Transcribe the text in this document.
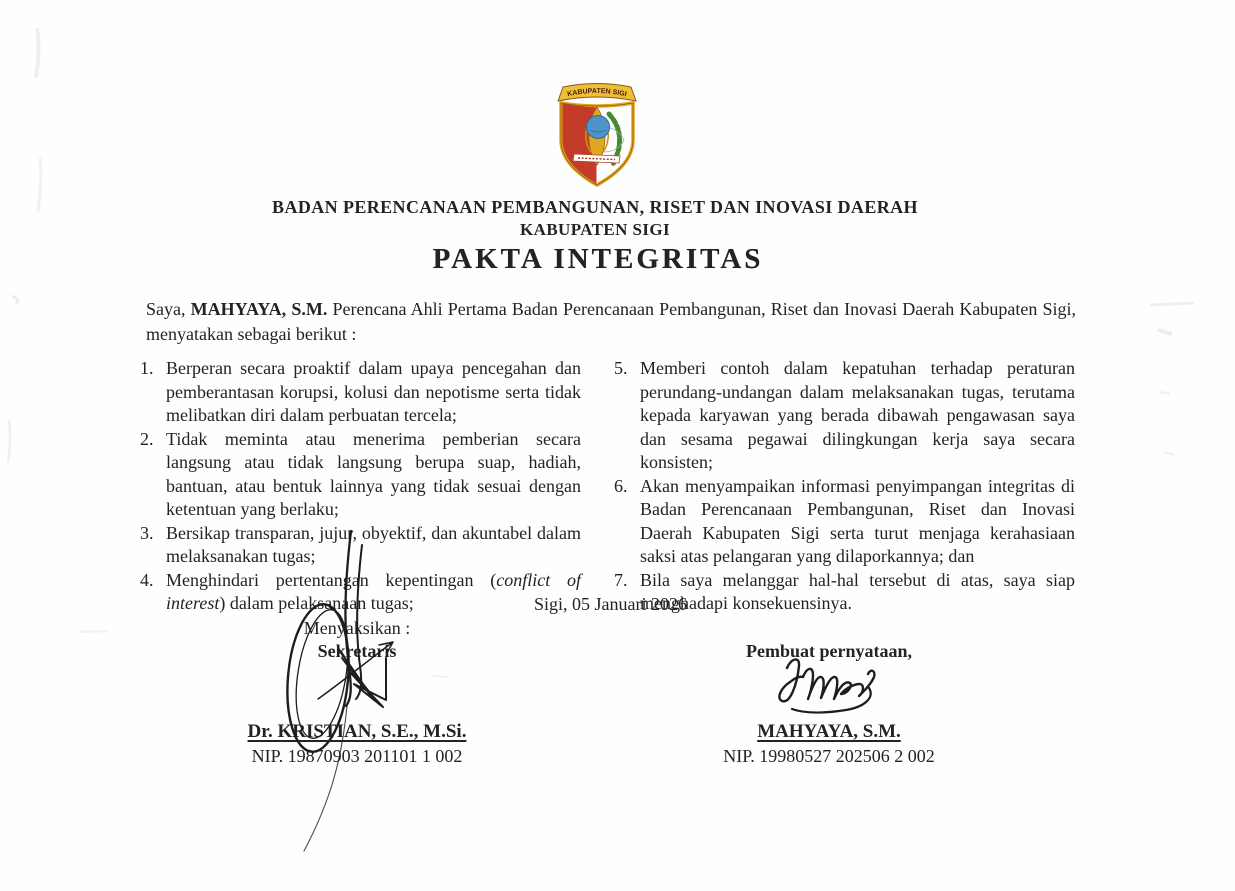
KABUPATEN SIGI
BADAN PERENCANAAN PEMBANGUNAN, RISET DAN INOVASI DAERAH
KABUPATEN SIGI
PAKTA INTEGRITAS
Saya, MAHYAYA, S.M. Perencana Ahli Pertama Badan Perencanaan Pembangunan, Riset dan Inovasi Daerah Kabupaten Sigi, menyatakan sebagai berikut :
1. Berperan secara proaktif dalam upaya pencegahan dan pemberantasan korupsi, kolusi dan nepotisme serta tidak melibatkan diri dalam perbuatan tercela;
2. Tidak meminta atau menerima pemberian secara langsung atau tidak langsung berupa suap, hadiah, bantuan, atau bentuk lainnya yang tidak sesuai dengan ketentuan yang berlaku;
3. Bersikap transparan, jujur, obyektif, dan akuntabel dalam melaksanakan tugas;
4. Menghindari pertentangan kepentingan (conflict of interest) dalam pelaksanaan tugas;
5. Memberi contoh dalam kepatuhan terhadap peraturan perundang-undangan dalam melaksanakan tugas, terutama kepada karyawan yang berada dibawah pengawasan saya dan sesama pegawai dilingkungan kerja saya secara konsisten;
6. Akan menyampaikan informasi penyimpangan integritas di Badan Perencanaan Pembangunan, Riset dan Inovasi Daerah Kabupaten Sigi serta turut menjaga kerahasiaan saksi atas pelangaran yang dilaporkannya; dan
7. Bila saya melanggar hal-hal tersebut di atas, saya siap menghadapi konsekuensinya.
Sigi, 05 Januari 2026
Menyaksikan :
Sekretaris
Dr. KRISTIAN, S.E., M.Si.
NIP. 19870903 201101 1 002
Pembuat pernyataan,
MAHYAYA, S.M.
NIP. 19980527 202506 2 002
